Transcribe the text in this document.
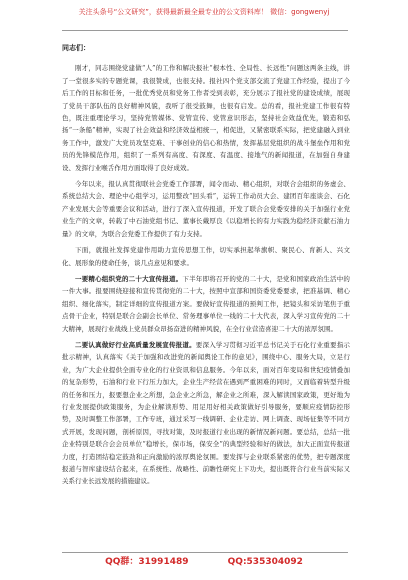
关注头条号“公文研究”，获得最新最全最专业的公文资料库！ 微信：gongwenyj
同志们：

刚才，同志围绕党建做“人”的工作和解决报社“根本性、全局性、长远性”问题这两条主线，讲了一堂很多实的专题党课，我很赞成，也很支持。报社四个党支部交流了党建工作经验，提出了今后工作的目标和任务，一批优秀党员和党务工作者受到表彰，充分展示了报社党的建设成绩，展现了党员干部队伍的良好精神风貌，我听了很受鼓舞，也很有启发。总的看，报社党建工作很有特色，既注重理论学习，坚持党管媒体、党管宣传、党管意识形态，坚持社会效益优先，锻造和弘扬“一条船”精神，实现了社会效益和经济效益相统一，相促进，又紧密联系实际，把党建融入到业务工作中，激发广大党员攻坚克难、干事创业的信心和热情，发挥基层党组织的战斗堡垒作用和党员的先锋模范作用，组织了一系列有高度、有深度、有温度、接地气的新闻报道，在加强自身建设、发挥行业喉舌作用方面取得了良好成效。

今年以来，报认真贯彻联社会党委工作部署，闻令而动、精心组织，对联合会组织的务虚会、系统总结大会、理论中心组学习，运用整改“回头看”，运转工作动员大会、建团百年座谈会、石化产业发展大会等重要会议和活动，进行了深入宣传报道，开发了联合会党委安排的关于加强行业党业生产的文章，转载了中石油党组书记、董事长戴厚良《以稳增长的有力实践为稳经济贡献石油力量》的文章，为联合会党委工作提供了有力支持。

下面，就报社发挥党建作用助力宣传思想工作，切实承担起举旗帜、聚民心、育新人、兴文化、展形象的使命任务，谈几点意见和要求。

一要精心组织党的二十大宣传报道。下半年即将召开的党的二十大，是党和国家政治生活中的一件大事。报要围绕迎接和宣传贯彻党的二十大，按照中宣部和国资委党委要求，把准基调、精心组织、细化落实，制定详细的宣传报道方案。要做好宣传报道的预判工作，把镜头和采访笔焦于重点骨干企业，特别是联合会副会长单位、常务理事单位一线的二十大代表，深入学习宣传党的二十大精神，展现行业战线上党员群众昂扬奋进的精神风貌，在全行业营造喜迎二十大的浓厚氛围。

二要认真做好行业高质量发展宣传报道。要深入学习贯彻习近平总书记关于石化行业重要指示批示精神，认真落实《关于加强和改进党的新闻舆论工作的意见》，围绕中心、服务大局，立足行业，为广大企业提供全面专业化的行业资讯和信息服务。今年以来，面对百年变局和世纪疫情叠加的复杂形势，石油和行业下行压力加大，企业生产经营在遇到严重困难的同时，又面临着转型升级的任务和压力，报要想企业之所想，急企业之所急，解企业之所难，深入解读国家政策，更好地为行业发展提供政策服务，为企业解读形势、用足用好相关政策做好引导服务，要顺应疫情防控形势，及时调整工作部署，工作专班，通过采写一线调研、企业走访、网上调查、现场征集等不同方式开展，发现问题，剖析原因，寻找对策，及时报道行业出现的新情况新问题。要总结，总结一批企业特别是联合会会员单位“稳增长，保市场，保安全”的典型经验和好的做法，加大正面宣传报道力度，打造团结稳定鼓劲和正向激励的浓厚舆论氛围。要发挥与企业联系紧密的优势，把专题深度报道与智库建设结合起来，在系统性、战略性、前瞻性研究上下功夫，提出既符合行业当前实际又关系行业长远发展的措施建议。

QQ群：31991489	QQ:535304092
